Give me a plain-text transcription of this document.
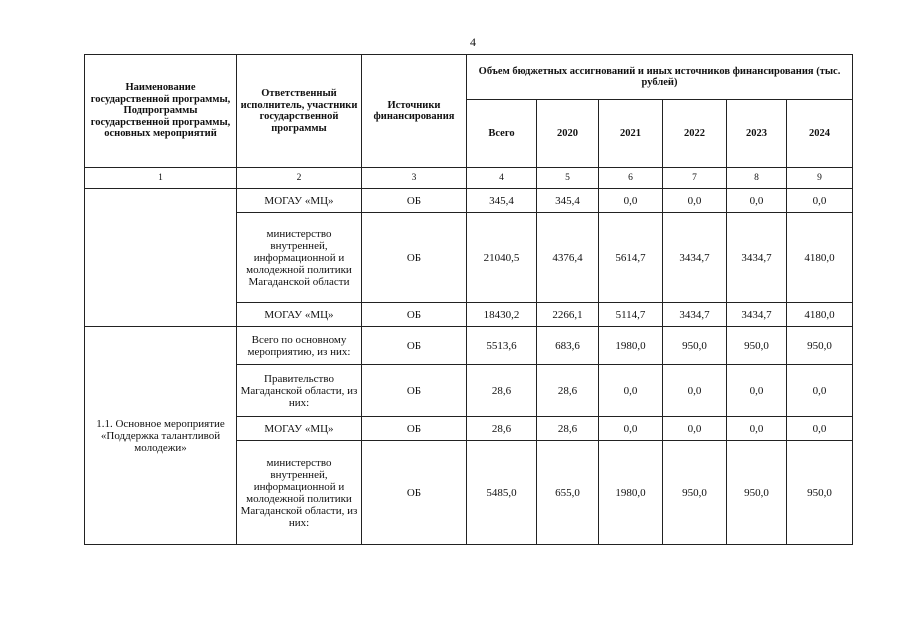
4
Наименование государственной программы, Подпрограммы государственной программы, основных мероприятий	Ответственный исполнитель, участники государственной программы	Источники финансирования	Объем бюджетных ассигнований и иных источников финансирования (тыс. рублей)					
			Всего	2020	2021	2022	2023	2024
1	2	3	4	5	6	7	8	9
	МОГАУ «МЦ»	ОБ	345,4	345,4	0,0	0,0	0,0	0,0
	министерство внутренней, информационной и молодежной политики Магаданской области	ОБ	21040,5	4376,4	5614,7	3434,7	3434,7	4180,0
	МОГАУ «МЦ»	ОБ	18430,2	2266,1	5114,7	3434,7	3434,7	4180,0
1.1. Основное мероприятие «Поддержка талантливой молодежи»	Всего по основному мероприятию, из них:	ОБ	5513,6	683,6	1980,0	950,0	950,0	950,0
	Правительство Магаданской области, из них:	ОБ	28,6	28,6	0,0	0,0	0,0	0,0
	МОГАУ «МЦ»	ОБ	28,6	28,6	0,0	0,0	0,0	0,0
	министерство внутренней, информационной и молодежной политики Магаданской области, из них:	ОБ	5485,0	655,0	1980,0	950,0	950,0	950,0
